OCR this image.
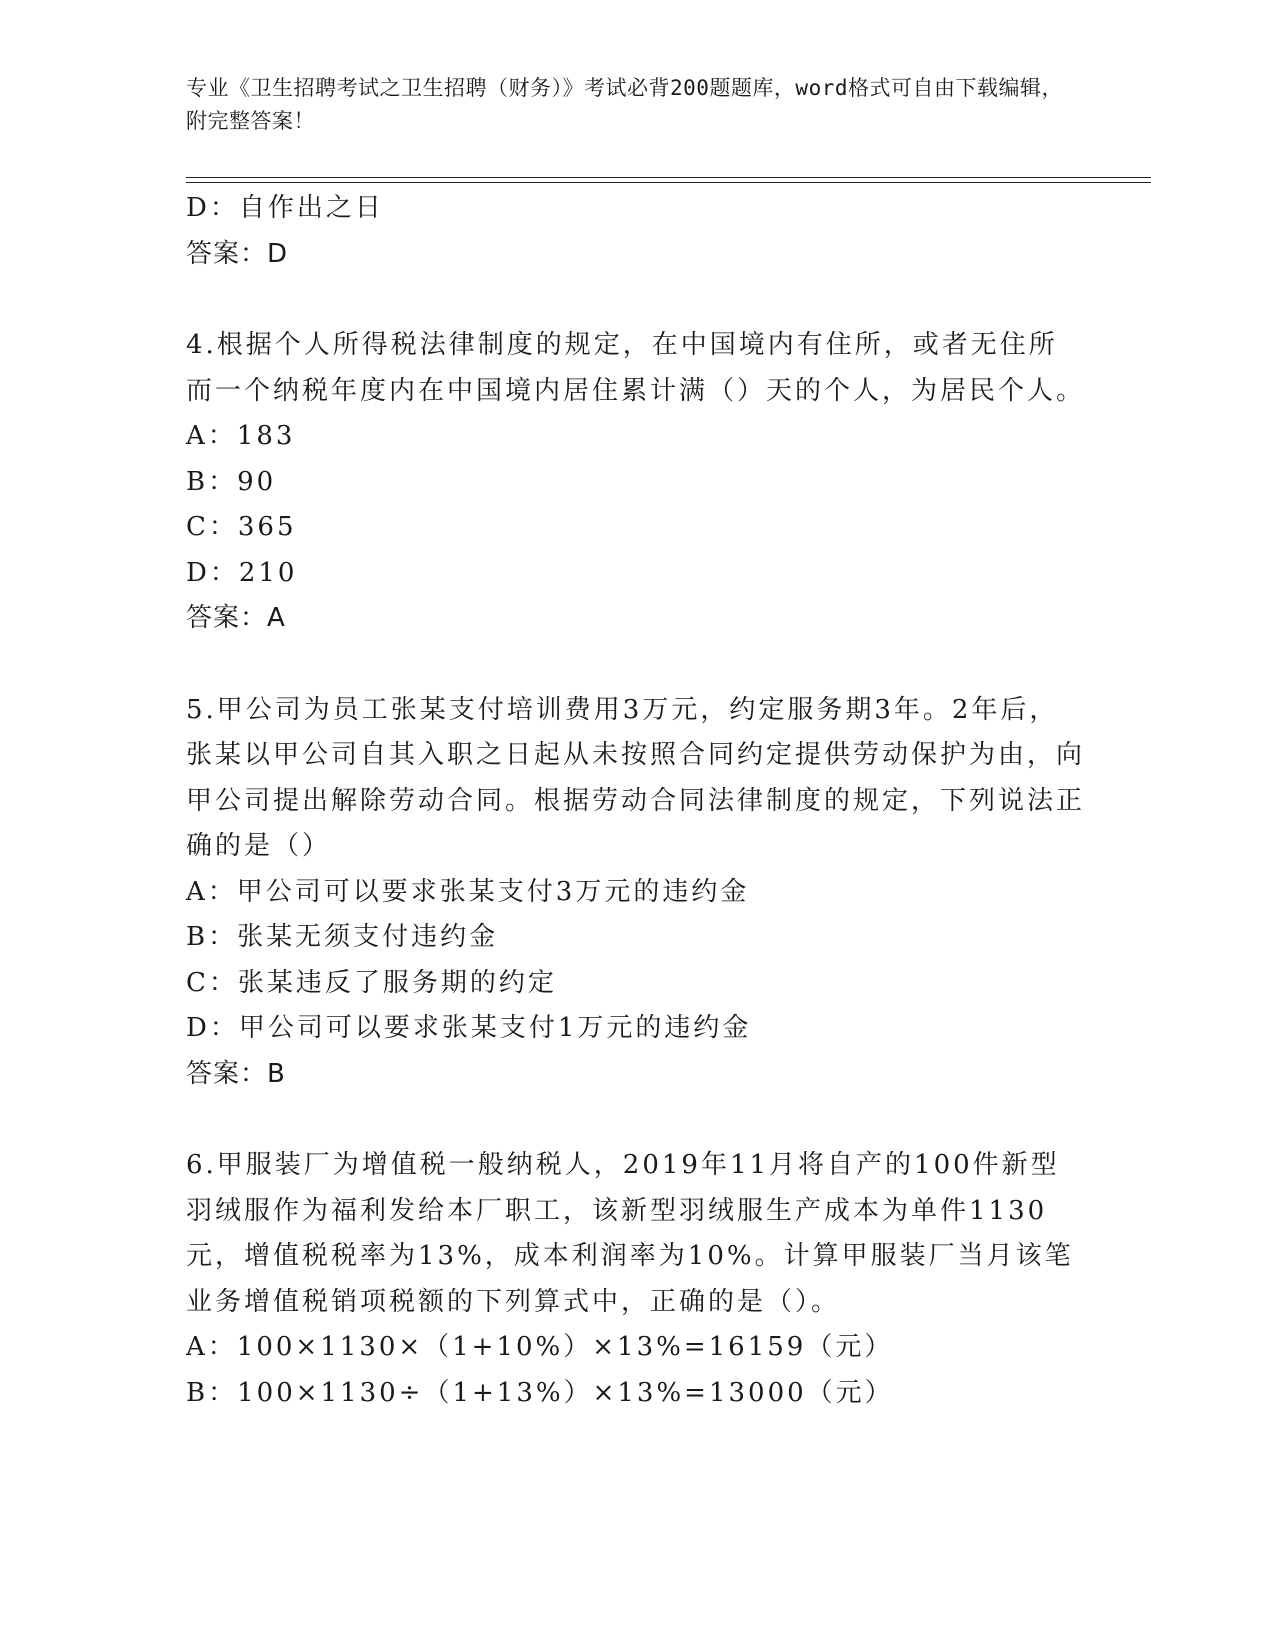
专业《卫生招聘考试之卫生招聘（财务）》考试必背200题题库，word格式可自由下载编辑，附完整答案！

D：自作出之日
答案：D
4.根据个人所得税法律制度的规定，在中国境内有住所，或者无住所而一个纳税年度内在中国境内居住累计满（）天的个人，为居民个人。
A：183
B：90
C：365
D：210
答案：A
5.甲公司为员工张某支付培训费用3万元，约定服务期3年。2年后，张某以甲公司自其入职之日起从未按照合同约定提供劳动保护为由，向甲公司提出解除劳动合同。根据劳动合同法律制度的规定，下列说法正确的是（）
A：甲公司可以要求张某支付3万元的违约金
B：张某无须支付违约金
C：张某违反了服务期的约定
D：甲公司可以要求张某支付1万元的违约金
答案：B
6.甲服装厂为增值税一般纳税人，2019年11月将自产的100件新型羽绒服作为福利发给本厂职工，该新型羽绒服生产成本为单件1130元，增值税税率为13%，成本利润率为10%。计算甲服装厂当月该笔业务增值税销项税额的下列算式中，正确的是（）。
A：100×1130×（1+10%）×13%=16159（元）
B：100×1130÷（1+13%）×13%=13000（元）
